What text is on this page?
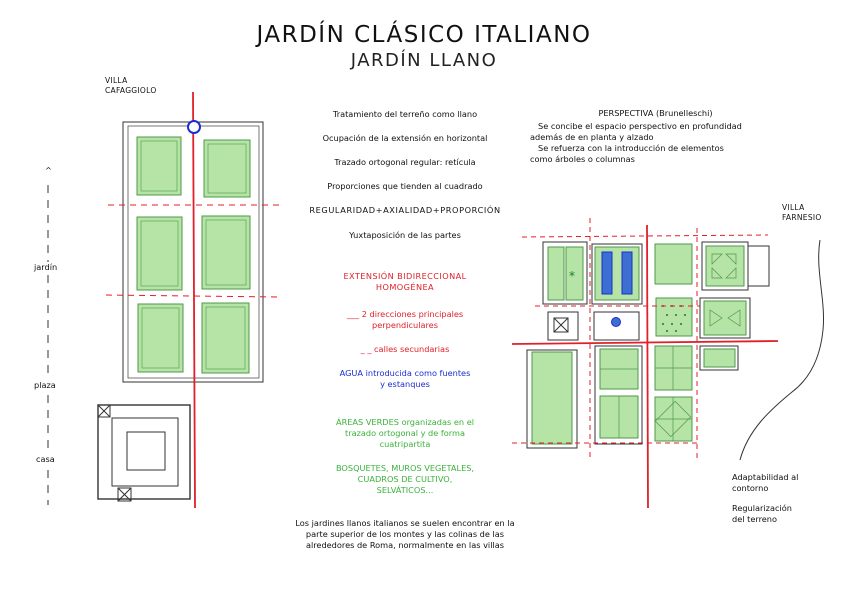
JARDÍN CLÁSICO ITALIANO
JARDÍN LLANO
*
VILLA
CAFAGGIOLO
VILLA
FARNESIO
^
jardín
plaza
casa
Tratamiento del terreño como llano
Ocupación de la extensión en horizontal
Trazado ortogonal regular: retícula
Proporciones que tienden al cuadrado
REGULARIDAD+AXIALIDAD+PROPORCIÓN
Yuxtaposición de las partes
EXTENSIÓN BIDIRECCIONAL
HOMOGÉNEA
___ 2 direcciones principales
perpendiculares
_ _ calles secundarias
AGUA introducida como fuentes
y estanques
ÁREAS VERDES organizadas en el
trazado ortogonal y de forma
cuatripartita
BOSQUETES, MUROS VEGETALES,
CUADROS DE CULTIVO,
SELVÁTICOS...
PERSPECTIVA (Brunelleschi)
Se concibe el espacio perspectivo en profundidad
además de en planta y alzado
Se refuerza con la introducción de elementos
como árboles o columnas
Adaptabilidad al
contorno
Regularización
del terreno
Los jardines llanos italianos se suelen encontrar en la
parte superior de los montes y las colinas de las
alrededores de Roma, normalmente en las villas
